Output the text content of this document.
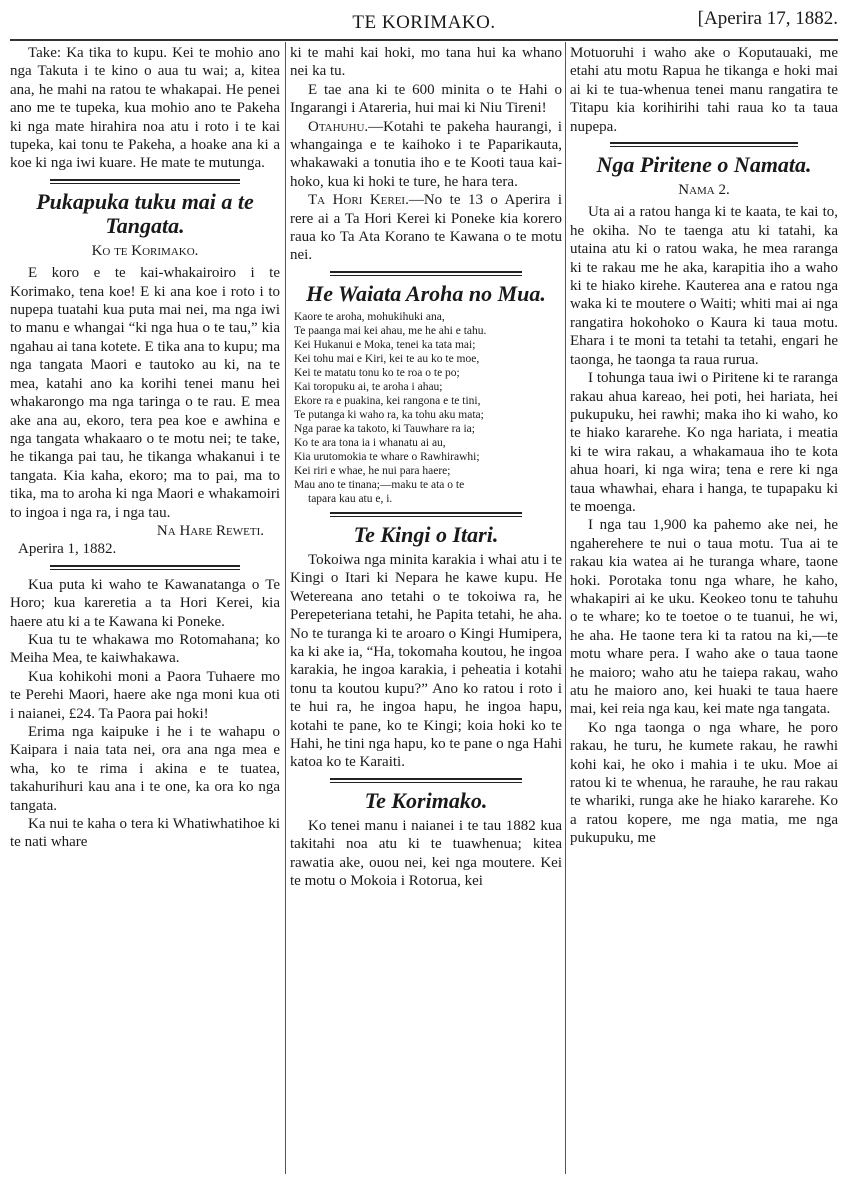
TE KORIMAKO.	[Aperira 17, 1882.

Take: Ka tika to kupu. Kei te mohio ano nga Takuta i te kino o aua tu wai; a, kitea ana, he mahi na ratou te whakapai. He penei ano me te tupeka, kua mohio ano te Pakeha ki nga mate hirahira noa atu i roto i te kai tupeka, kai tonu te Pakeha, a hoake ana ki a koe ki nga iwi kuare. He mate te mutunga.

Pukapuka tuku mai a te Tangata.
Ko te Korimako.

E koro e te kai-whakairoiro i te Korimako, tena koe! E ki ana koe i roto i to nupepa tuatahi kua puta mai nei, ma nga iwi to manu e whangai “ki nga hua o te tau,” kia ngahau ai tana kotete. E tika ana to kupu; ma nga tangata Maori e tautoko au ki, na te mea, katahi ano ka korihi tenei manu hei whakarongo ma nga taringa o te rau. E mea ake ana au, ekoro, tera pea koe e awhina e nga tangata whakaaro o te motu nei; te take, he tikanga pai tau, he tikanga whakanui i te tangata. Kia kaha, ekoro; ma to pai, ma to tika, ma to aroha ki nga Maori e whakamoiri to ingoa i nga ra, i nga tau.

Na Hare Reweti.

Aperira 1, 1882.

Kua puta ki waho te Kawanatanga o Te Horo; kua kareretia a ta Hori Kerei, kia haere atu ki a te Kawana ki Poneke.

Kua tu te whakawa mo Rotomahana; ko Meiha Mea, te kaiwhakawa.

Kua kohikohi moni a Paora Tuhaere mo te Perehi Maori, haere ake nga moni kua oti i naianei, £24. Ta Paora pai hoki!

Erima nga kaipuke i he i te wahapu o Kaipara i naia tata nei, ora ana nga mea e wha, ko te rima i akina e te tuatea, takahurihuri kau ana i te one, ka ora ko nga tangata.

Ka nui te kaha o tera ki Whatiwhatihoe ki te nati whare

ki te mahi kai hoki, mo tana hui ka whano nei ka tu.

E tae ana ki te 600 minita o te Hahi o Ingarangi i Atareria, hui mai ki Niu Tireni!

Otahuhu.—Kotahi te pakeha haurangi, i whangainga e te kaihoko i te Paparikauta, whakawaki a tonutia iho e te Kooti taua kai-hoko, kua ki hoki te ture, he hara tera.

Ta Hori Kerei.—No te 13 o Aperira i rere ai a Ta Hori Kerei ki Poneke kia korero raua ko Ta Ata Korano te Kawana o te motu nei.

He Waiata Aroha no Mua.
Kaore te aroha, mohukihuki ana,
Te paanga mai kei ahau, me he ahi e tahu.
Kei Hukanui e Moka, tenei ka tata mai;
Kei tohu mai e Kiri, kei te au ko te moe,
Kei te matatu tonu ko te roa o te po;
Kai toropuku ai, te aroha i ahau;
Ekore ra e puakina, kei rangona e te tini,
Te putanga ki waho ra, ka tohu aku mata;
Nga parae ka takoto, ki Tauwhare ra ia;
Ko te ara tona ia i whanatu ai au,
Kia urutomokia te whare o Rawhirawhi;
Kei riri e whae, he nui para haere;
Mau ano te tinana;—maku te ata o te
tapara kau atu e, i.
Te Kingi o Itari.

Tokoiwa nga minita karakia i whai atu i te Kingi o Itari ki Nepara he kawe kupu. He Wetereana ano tetahi o te tokoiwa ra, he Perepeteriana tetahi, he Papita tetahi, he aha. No te turanga ki te aroaro o Kingi Humipera, ka ki ake ia, “Ha, tokomaha koutou, he ingoa karakia, he ingoa karakia, i peheatia i kotahi tonu ta koutou kupu?” Ano ko ratou i roto i te hui ra, he ingoa hapu, he ingoa hapu, kotahi te pane, ko te Kingi; koia hoki ko te Hahi, he tini nga hapu, ko te pane o nga Hahi katoa ko te Karaiti.

Te Korimako.

Ko tenei manu i naianei i te tau 1882 kua takitahi noa atu ki te tuawhenua; kitea rawatia ake, ouou nei, kei nga moutere. Kei te motu o Mokoia i Rotorua, kei

Motuoruhi i waho ake o Koputauaki, me etahi atu motu Rapua he tikanga e hoki mai ai ki te tua-whenua tenei manu rangatira te Titapu kia korihirihi tahi raua ko ta taua nupepa.

Nga Piritene o Namata.
Nama 2.

Uta ai a ratou hanga ki te kaata, te kai to, he okiha. No te taenga atu ki tatahi, ka utaina atu ki o ratou waka, he mea raranga ki te rakau me he aka, karapitia iho a waho ki te hiako kirehe. Kauterea ana e ratou nga waka ki te moutere o Waiti; whiti mai ai nga rangatira hokohoko o Kaura ki taua motu. Ehara i te moni ta tetahi ta tetahi, engari he taonga, he taonga ta raua rurua.

I tohunga taua iwi o Piritene ki te raranga rakau ahua kareao, hei poti, hei hariata, hei pukupuku, hei rawhi; maka iho ki waho, ko te hiako kararehe. Ko nga hariata, i meatia ki te wira rakau, a whakamaua iho te kota ahua hoari, ki nga wira; tena e rere ki nga taua whawhai, ehara i hanga, te tupapaku ki te moenga.

I nga tau 1,900 ka pahemo ake nei, he ngaherehere te nui o taua motu. Tua ai te rakau kia watea ai he turanga whare, taone hoki. Porotaka tonu nga whare, he kaho, whakapiri ai ke uku. Keokeo tonu te tahuhu o te whare; ko te toetoe o te tuanui, he wi, he aha. He taone tera ki ta ratou na ki,—te motu whare pera. I waho ake o taua taone he maioro; waho atu he taiepa rakau, waho atu he maioro ano, kei huaki te taua haere mai, kei reia nga kau, kei mate nga tangata.

Ko nga taonga o nga whare, he poro rakau, he turu, he kumete rakau, he rawhi kohi kai, he oko i mahia i te uku. Moe ai ratou ki te whenua, he rarauhe, he rau rakau te whariki, runga ake he hiako kararehe. Ko a ratou kopere, me nga matia, me nga pukupuku, me
